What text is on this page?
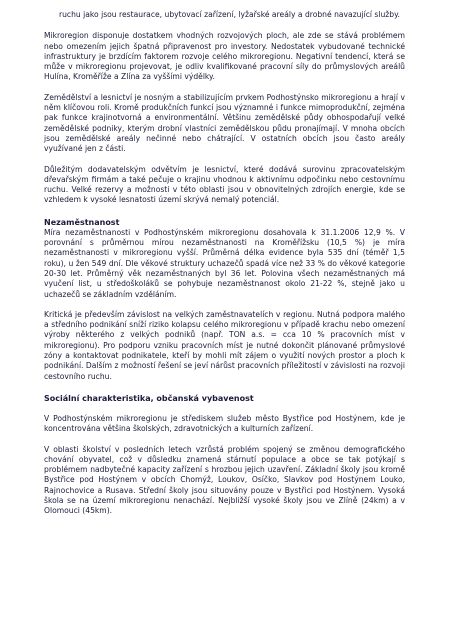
ruchu jako jsou restaurace, ubytovací zařízení, lyžařské areály a drobné navazující služby.

Mikroregion disponuje dostatkem vhodných rozvojových ploch, ale zde se stává problémem nebo omezením jejich špatná připravenost pro investory. Nedostatek vybudované technické infrastruktury je brzdícím faktorem rozvoje celého mikroregionu. Negativní tendencí, která se může v mikroregionu projevovat, je odliv kvalifikované pracovní síly do průmyslových areálů Hulína, Kroměříže a Zlína za vyššími výdělky.

Zemědělství a lesnictví je nosným a stabilizujícím prvkem Podhostýnsko mikroregionu a hrají v něm klíčovou roli. Kromě produkčních funkcí jsou významné i funkce mimoprodukční, zejména pak funkce krajinotvorná a environmentální. Většinu zemědělské půdy obhospodařují velké zemědělské podniky, kterým drobní vlastníci zemědělskou půdu pronajímají. V mnoha obcích jsou zemědělské areály nečinné nebo chátrající. V ostatních obcích jsou často areály využívané jen z části.

Důležitým dodavatelským odvětvím je lesnictví, které dodává surovinu zpracovatelským dřevařským firmám a také pečuje o krajinu vhodnou k aktivnímu odpočinku nebo cestovnímu ruchu. Velké rezervy a možnosti v této oblasti jsou v obnovitelných zdrojích energie, kde se vzhledem k vysoké lesnatosti území skrývá nemalý potenciál.

Nezaměstnanost

Míra nezaměstnanosti v Podhostýnském mikroregionu dosahovala k 31.1.2006 12,9 %. V porovnání s průměrnou mírou nezaměstnanosti na Kroměřížsku (10,5 %) je míra nezaměstnanosti v mikroregionu vyšší. Průměrná délka evidence byla 535 dní (téměř 1,5 roku), u žen 549 dní. Dle věkové struktury uchazečů spadá více než 33 % do věkové kategorie 20-30 let. Průměrný věk nezaměstnaných byl 36 let. Polovina všech nezaměstnaných má vyučení list, u středoškoláků se pohybuje nezaměstnanost okolo 21-22 %, stejně jako u uchazečů se základním vzděláním.

Kritická je především závislost na velkých zaměstnavatelích v regionu. Nutná podpora malého a středního podnikání sníží riziko kolapsu celého mikroregionu v případě krachu nebo omezení výroby některého z velkých podniků (např. TON a.s. = cca 10 % pracovních míst v mikroregionu). Pro podporu vzniku pracovních míst je nutné dokončit plánované průmyslové zóny a kontaktovat podnikatele, kteří by mohli mít zájem o využití nových prostor a ploch k podnikání. Dalším z možností řešení se jeví nárůst pracovních příležitostí v závislosti na rozvoji cestovního ruchu.

Sociální charakteristika, občanská vybavenost

V Podhostýnském mikroregionu je střediskem služeb město Bystřice pod Hostýnem, kde je koncentrována většina školských, zdravotnických a kulturních zařízení.

V oblasti školství v posledních letech vzrůstá problém spojený se změnou demografického chování obyvatel, což v důsledku znamená stárnutí populace a obce se tak potýkají s problémem nadbytečné kapacity zařízení s hrozbou jejich uzavření. Základní školy jsou kromě Bystřice pod Hostýnem v obcích Chomýž, Loukov, Osíčko, Slavkov pod Hostýnem Louko, Rajnochovice a Rusava. Střední školy jsou situovány pouze v Bystřici pod Hostýnem. Vysoká škola se na území mikroregionu nenachází. Nejbližší vysoké školy jsou ve Zlíně (24km) a v Olomouci (45km).
